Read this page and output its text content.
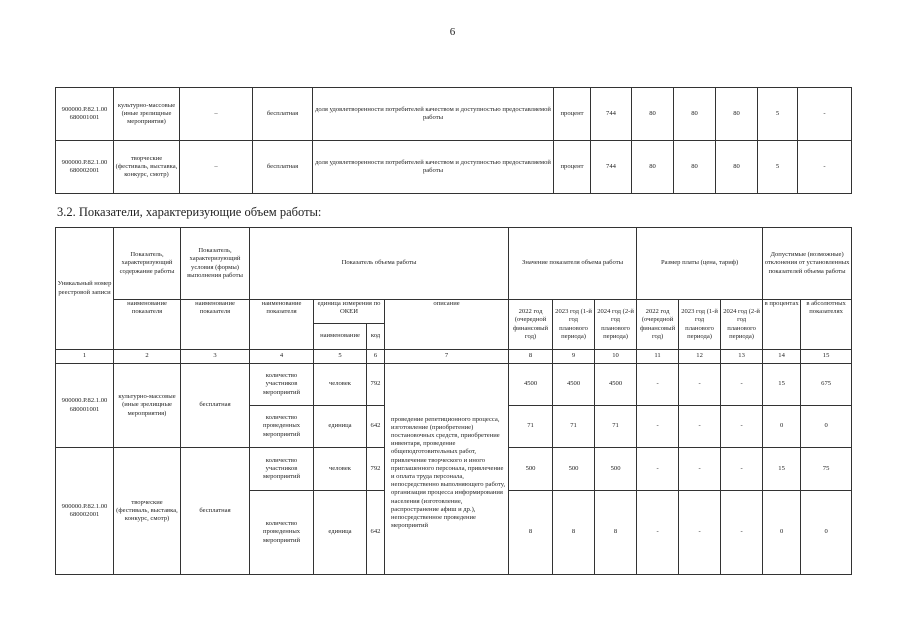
6
900000.Р.82.1.00 680001001	культурно-массовые (иные зрелищные мероприятия)	–	бесплатная	доля удовлетворенности потребителей качеством и доступностью предоставляемой работы	процент	744	80	80	80	5	-
900000.Р.82.1.00 680002001	творческие (фестиваль, выставка, конкурс, смотр)	–	бесплатная	доля удовлетворенности потребителей качеством и доступностью предоставляемой работы	процент	744	80	80	80	5	-
3.2. Показатели, характеризующие объем работы:
Уникальный номер реестровой записи	Показатель, характеризующий содержание работы	Показатель, характеризующий условия (формы) выполнения работы	Показатель объема работы				Значение показателя объема работы			Размер платы (цена, тариф)			Допустимые (возможные) отклонения от установленных показателей объема работы	
	наименование показателя	наименование показателя	наименование показателя	единица измерения по ОКЕИ		описание	2022 год (очередной финансовый год)	2023 год (1-й год планового периода)	2024 год (2-й год планового периода)	2022 год (очередной финансовый год)	2023 год (1-й год планового периода)	2024 год (2-й год планового периода)	в процентах	в абсолютных показателях
				наименование	код									
1	2	3	4	5	6	7	8	9	10	11	12	13	14	15
900000.Р.82.1.00 680001001	культурно-массовые (иные зрелищные мероприятия)	бесплатная	количество участников мероприятий	человек	792	проведение репетиционного процесса, изготовление (приобретение) постановочных средств, приобретение инвентаря, проведение общеподготовительных работ, привлечение творческого и иного приглашенного персонала, привлечение и оплата труда персонала, непосредственно выполняющего работу, организация процесса информирования населения (изготовление, распространение афиш и др.), непосредственное проведение мероприятий	4500	4500	4500	-	-	-	15	675
			количество проведенных мероприятий	единица	642		71	71	71	-	-	-	0	0
900000.Р.82.1.00 680002001	творческие (фестиваль, выставка, конкурс, смотр)	бесплатная	количество участников мероприятий	человек	792		500	500	500	-	-	-	15	75
			количество проведенных мероприятий	единица	642		8	8	8	-	-	-	0	0
